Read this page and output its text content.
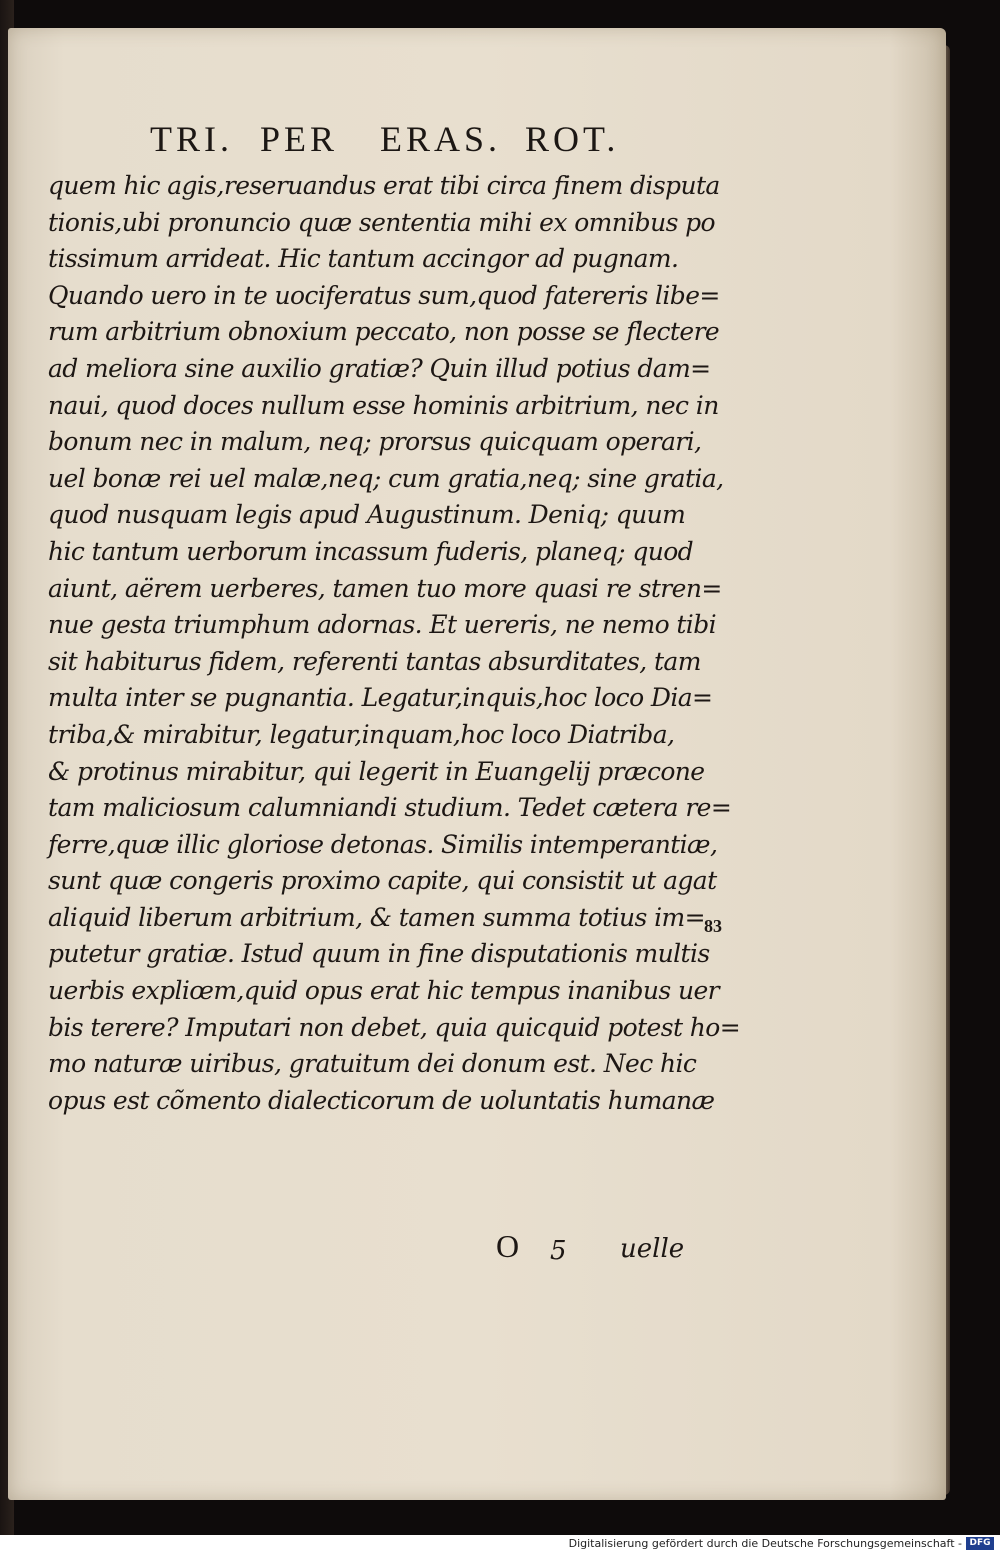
TRI. PER ERAS. ROT.
quem hic agis,reseruandus erat tibi circa finem disputa
tionis,ubi pronuncio quæ sententia mihi ex omnibus po
tissimum arrideat. Hic tantum accingor ad pugnam.
Quando uero in te uociferatus sum,quod fatereris libe=
rum arbitrium obnoxium peccato, non posse se flectere
ad meliora sine auxilio gratiæ? Quin illud potius dam=
naui, quod doces nullum esse hominis arbitrium, nec in
bonum nec in malum, neq; prorsus quicquam operari,
uel bonæ rei uel malæ,neq; cum gratia,neq; sine gratia,
quod nusquam legis apud Augustinum. Deniq; quum
hic tantum uerborum incassum fuderis, planeq; quod
aiunt, aërem uerberes, tamen tuo more quasi re stren=
nue gesta triumphum adornas. Et uereris, ne nemo tibi
sit habiturus fidem, referenti tantas absurditates, tam
multa inter se pugnantia. Legatur,inquis,hoc loco Dia=
triba,& mirabitur, legatur,inquam,hoc loco Diatriba,
& protinus mirabitur, qui legerit in Euangelij præcone
tam maliciosum calumniandi studium. Tedet cætera re=
ferre,quæ illic gloriose detonas. Similis intemperantiæ,
sunt quæ congeris proximo capite, qui consistit ut agat
aliquid liberum arbitrium, & tamen summa totius im=
putetur gratiæ. Istud quum in fine disputationis multis
uerbis expliœm,quid opus erat hic tempus inanibus uer
bis terere? Imputari non debet, quia quicquid potest ho=
mo naturæ uiribus, gratuitum dei donum est. Nec hic
opus est cõmento dialecticorum de uoluntatis humanæ
83
O 5 uelle
Digitalisierung gefördert durch die Deutsche Forschungsgemeinschaft - DFG
